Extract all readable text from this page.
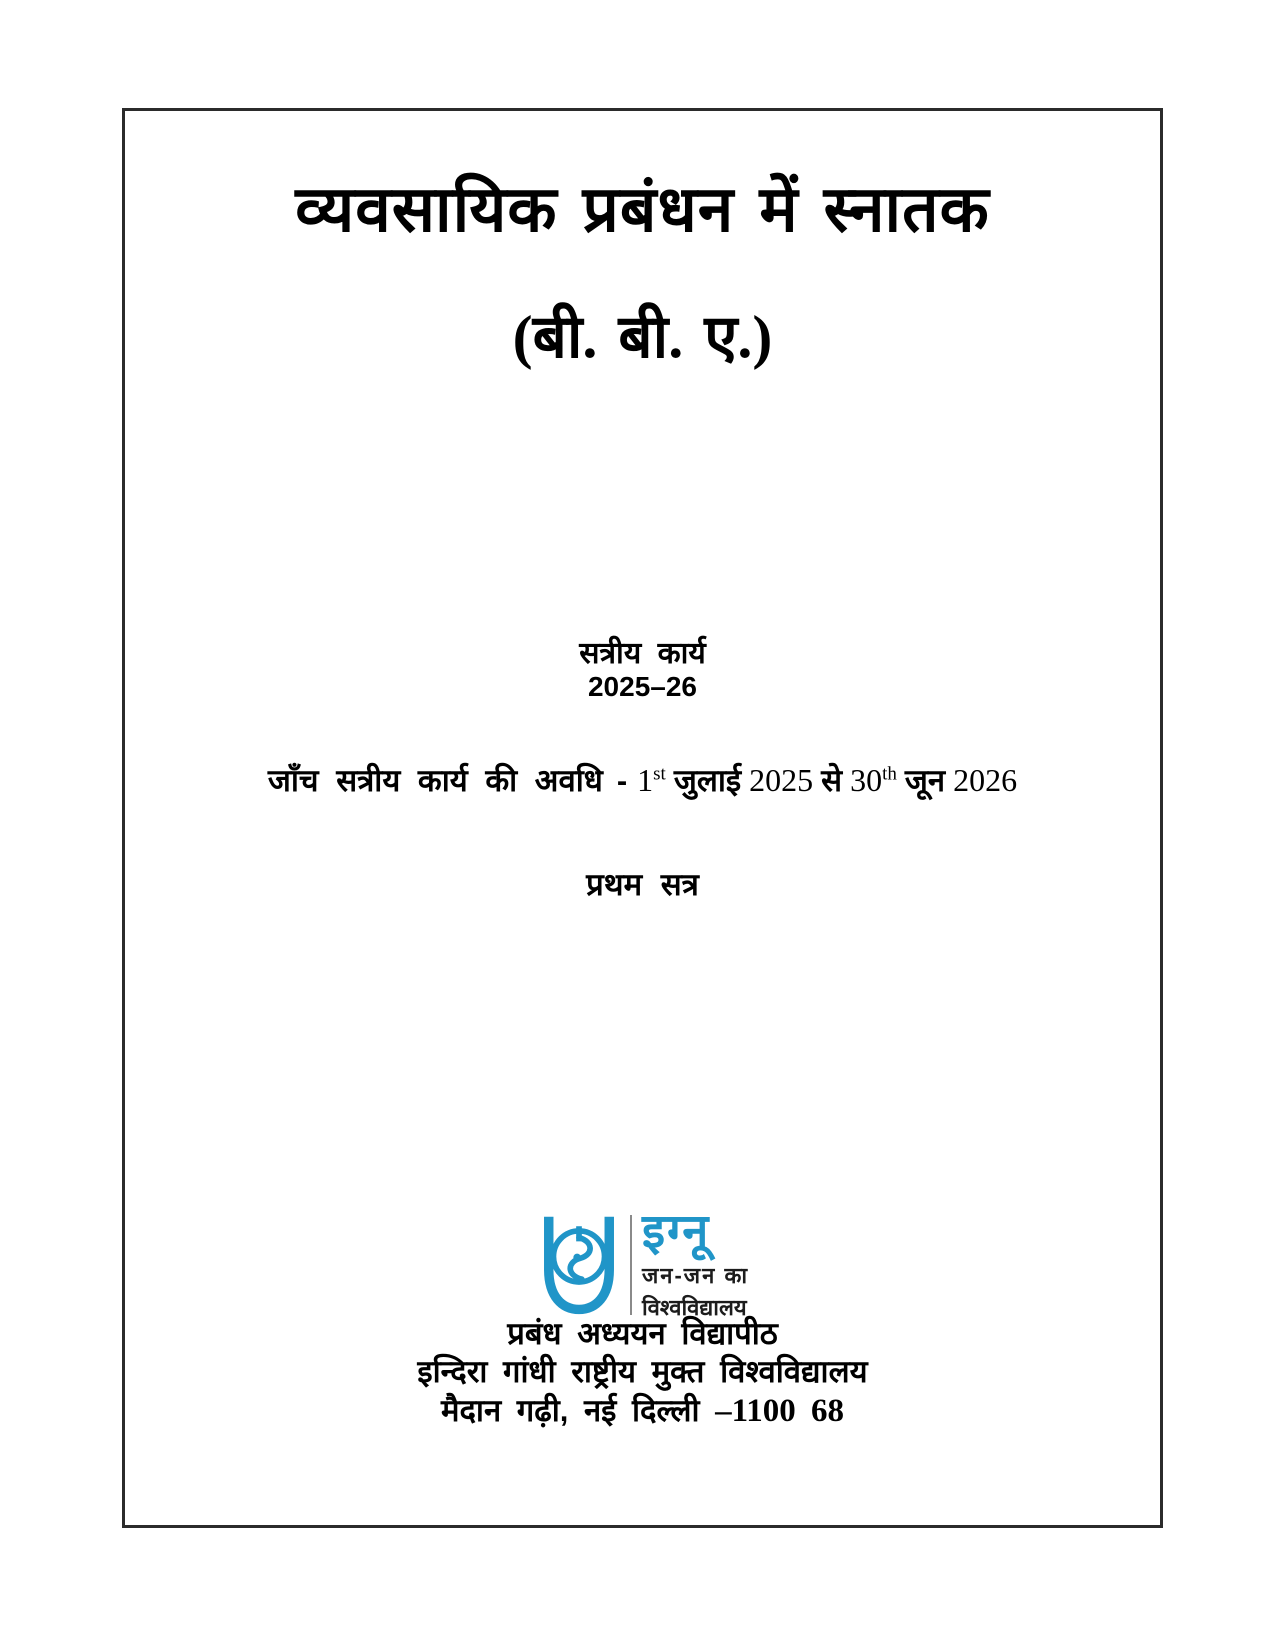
व्यवसायिक प्रबंधन में स्नातक
(बी. बी. ए.)
सत्रीय कार्य
2025–26
जाँच सत्रीय कार्य की अवधि - 1st जुलाई 2025 से 30th जून 2026
प्रथम सत्र
इग्नू
जन-जन का
विश्वविद्यालय
प्रबंध अध्ययन विद्यापीठ
इन्दिरा गांधी राष्ट्रीय मुक्त विश्वविद्यालय
मैदान गढ़ी, नई दिल्ली –1100 68
